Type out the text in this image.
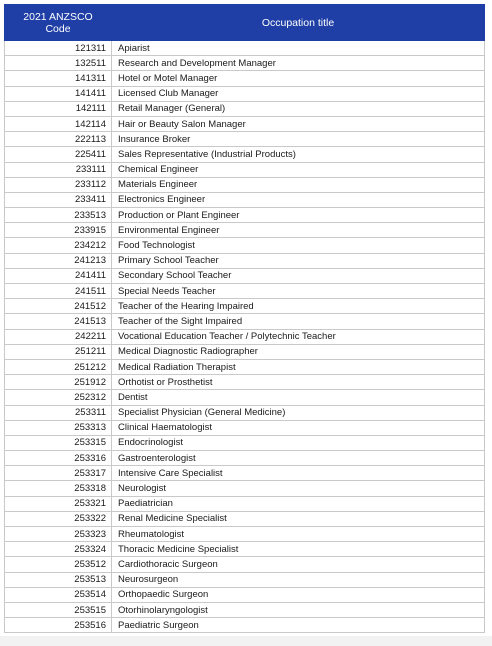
2021 ANZSCO
Code	Occupation title
121311	Apiarist
132511	Research and Development Manager
141311	Hotel or Motel Manager
141411	Licensed Club Manager
142111	Retail Manager (General)
142114	Hair or Beauty Salon Manager
222113	Insurance Broker
225411	Sales Representative (Industrial Products)
233111	Chemical Engineer
233112	Materials Engineer
233411	Electronics Engineer
233513	Production or Plant Engineer
233915	Environmental Engineer
234212	Food Technologist
241213	Primary School Teacher
241411	Secondary School Teacher
241511	Special Needs Teacher
241512	Teacher of the Hearing Impaired
241513	Teacher of the Sight Impaired
242211	Vocational Education Teacher / Polytechnic Teacher
251211	Medical Diagnostic Radiographer
251212	Medical Radiation Therapist
251912	Orthotist or Prosthetist
252312	Dentist
253311	Specialist Physician (General Medicine)
253313	Clinical Haematologist
253315	Endocrinologist
253316	Gastroenterologist
253317	Intensive Care Specialist
253318	Neurologist
253321	Paediatrician
253322	Renal Medicine Specialist
253323	Rheumatologist
253324	Thoracic Medicine Specialist
253512	Cardiothoracic Surgeon
253513	Neurosurgeon
253514	Orthopaedic Surgeon
253515	Otorhinolaryngologist
253516	Paediatric Surgeon
